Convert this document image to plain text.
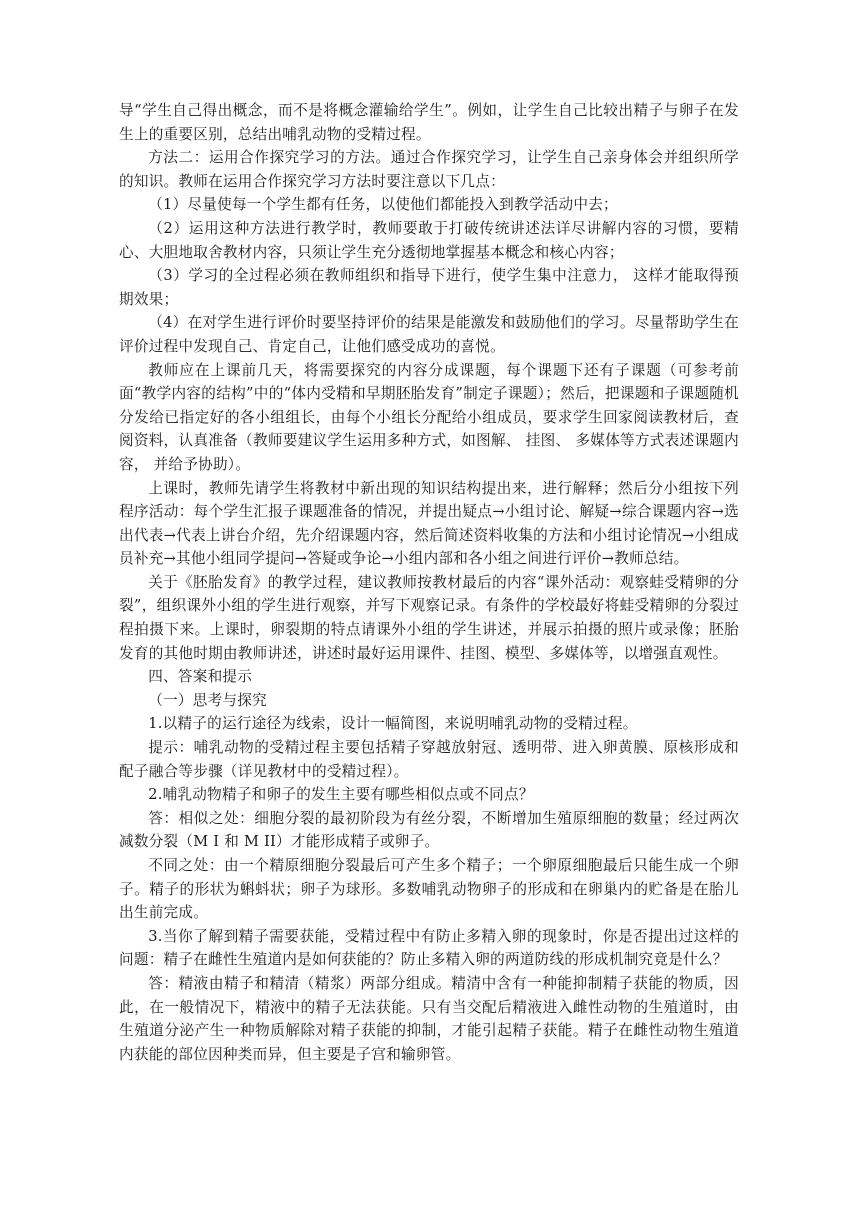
导“学生自己得出概念，而不是将概念灌输给学生”。例如，让学生自己比较出精子与卵子在发生上的重要区别，总结出哺乳动物的受精过程。

方法二：运用合作探究学习的方法。通过合作探究学习，让学生自己亲身体会并组织所学的知识。教师在运用合作探究学习方法时要注意以下几点：

（1）尽量使每一个学生都有任务，以使他们都能投入到教学活动中去；

（2）运用这种方法进行教学时，教师要敢于打破传统讲述法详尽讲解内容的习惯，要精心、大胆地取舍教材内容，只须让学生充分透彻地掌握基本概念和核心内容；

（3）学习的全过程必须在教师组织和指导下进行，使学生集中注意力， 这样才能取得预期效果；

（4）在对学生进行评价时要坚持评价的结果是能激发和鼓励他们的学习。尽量帮助学生在评价过程中发现自己、肯定自己，让他们感受成功的喜悦。

教师应在上课前几天，将需要探究的内容分成课题，每个课题下还有子课题（可参考前面“教学内容的结构”中的“体内受精和早期胚胎发育”制定子课题）；然后，把课题和子课题随机分发给已指定好的各小组组长，由每个小组长分配给小组成员，要求学生回家阅读教材后，查阅资料，认真准备（教师要建议学生运用多种方式，如图解、 挂图、 多媒体等方式表述课题内容， 并给予协助）。

上课时，教师先请学生将教材中新出现的知识结构提出来，进行解释；然后分小组按下列程序活动：每个学生汇报子课题准备的情况，并提出疑点→小组讨论、解疑→综合课题内容→选出代表→代表上讲台介绍，先介绍课题内容，然后简述资料收集的方法和小组讨论情况→小组成员补充→其他小组同学提问→答疑或争论→小组内部和各小组之间进行评价→教师总结。

关于《胚胎发育》的教学过程，建议教师按教材最后的内容“课外活动：观察蛙受精卵的分裂”，组织课外小组的学生进行观察，并写下观察记录。有条件的学校最好将蛙受精卵的分裂过程拍摄下来。上课时，卵裂期的特点请课外小组的学生讲述，并展示拍摄的照片或录像；胚胎发育的其他时期由教师讲述，讲述时最好运用课件、挂图、模型、多媒体等，以增强直观性。

四、答案和提示

（一）思考与探究

1.以精子的运行途径为线索，设计一幅简图，来说明哺乳动物的受精过程。

提示：哺乳动物的受精过程主要包括精子穿越放射冠、透明带、进入卵黄膜、原核形成和配子融合等步骤（详见教材中的受精过程）。

2.哺乳动物精子和卵子的发生主要有哪些相似点或不同点？

答：相似之处：细胞分裂的最初阶段为有丝分裂，不断增加生殖原细胞的数量；经过两次减数分裂（M I 和 M II）才能形成精子或卵子。

不同之处：由一个精原细胞分裂最后可产生多个精子；一个卵原细胞最后只能生成一个卵子。精子的形状为蝌蚪状；卵子为球形。多数哺乳动物卵子的形成和在卵巢内的贮备是在胎儿出生前完成。

3.当你了解到精子需要获能，受精过程中有防止多精入卵的现象时，你是否提出过这样的问题：精子在雌性生殖道内是如何获能的？防止多精入卵的两道防线的形成机制究竟是什么？

答：精液由精子和精清（精浆）两部分组成。精清中含有一种能抑制精子获能的物质，因此，在一般情况下，精液中的精子无法获能。只有当交配后精液进入雌性动物的生殖道时，由生殖道分泌产生一种物质解除对精子获能的抑制，才能引起精子获能。精子在雌性动物生殖道内获能的部位因种类而异，但主要是子宫和输卵管。
